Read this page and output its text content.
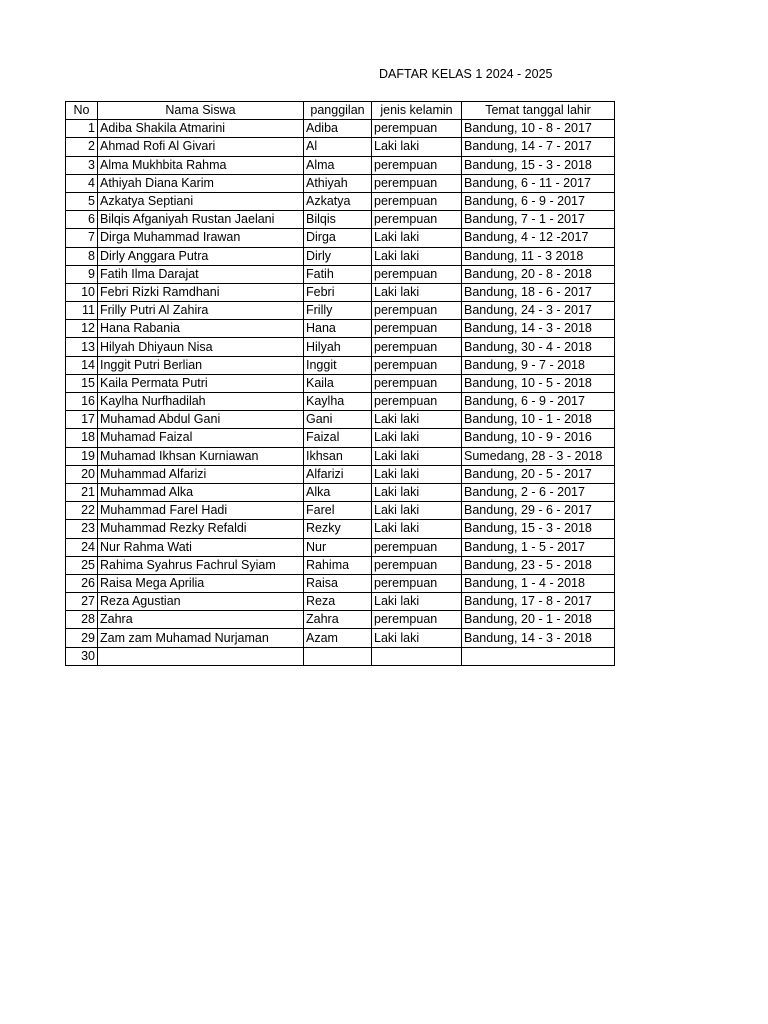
DAFTAR KELAS 1 2024 - 2025
No	Nama Siswa	panggilan	jenis kelamin	Temat tanggal lahir
1	Adiba Shakila Atmarini	Adiba	perempuan	Bandung, 10 - 8 - 2017
2	Ahmad Rofi Al Givari	Al	Laki laki	Bandung, 14 - 7 - 2017
3	Alma Mukhbita Rahma	Alma	perempuan	Bandung, 15 - 3 - 2018
4	Athiyah Diana Karim	Athiyah	perempuan	Bandung, 6 - 11 - 2017
5	Azkatya Septiani	Azkatya	perempuan	Bandung, 6 - 9 - 2017
6	Bilqis Afganiyah Rustan Jaelani	Bilqis	perempuan	Bandung, 7 - 1 - 2017
7	Dirga Muhammad Irawan	Dirga	Laki laki	Bandung, 4 - 12 -2017
8	Dirly Anggara Putra	Dirly	Laki laki	Bandung, 11 - 3 2018
9	Fatih Ilma Darajat	Fatih	perempuan	Bandung, 20 - 8 - 2018
10	Febri Rizki Ramdhani	Febri	Laki laki	Bandung, 18 - 6 - 2017
11	Frilly Putri Al Zahira	Frilly	perempuan	Bandung, 24 - 3 - 2017
12	Hana Rabania	Hana	perempuan	Bandung, 14 - 3 - 2018
13	Hilyah Dhiyaun Nisa	Hilyah	perempuan	Bandung, 30 - 4 - 2018
14	Inggit Putri Berlian	Inggit	perempuan	Bandung, 9 - 7 - 2018
15	Kaila Permata Putri	Kaila	perempuan	Bandung, 10 - 5 - 2018
16	Kaylha Nurfhadilah	Kaylha	perempuan	Bandung, 6 - 9 - 2017
17	Muhamad Abdul Gani	Gani	Laki laki	Bandung, 10 - 1 - 2018
18	Muhamad Faizal	Faizal	Laki laki	Bandung, 10 - 9 - 2016
19	Muhamad Ikhsan Kurniawan	Ikhsan	Laki laki	Sumedang, 28 - 3 - 2018
20	Muhammad Alfarizi	Alfarizi	Laki laki	Bandung, 20 - 5 - 2017
21	Muhammad Alka	Alka	Laki laki	Bandung, 2 - 6 - 2017
22	Muhammad Farel Hadi	Farel	Laki laki	Bandung, 29 - 6 - 2017
23	Muhammad Rezky Refaldi	Rezky	Laki laki	Bandung, 15 - 3 - 2018
24	Nur Rahma Wati	Nur	perempuan	Bandung, 1 - 5 - 2017
25	Rahima Syahrus Fachrul Syiam	Rahima	perempuan	Bandung, 23 - 5 - 2018
26	Raisa Mega Aprilia	Raisa	perempuan	Bandung, 1 - 4 - 2018
27	Reza Agustian	Reza	Laki laki	Bandung, 17 - 8 - 2017
28	Zahra	Zahra	perempuan	Bandung, 20 - 1 - 2018
29	Zam zam Muhamad Nurjaman	Azam	Laki laki	Bandung, 14 - 3 - 2018
30				
